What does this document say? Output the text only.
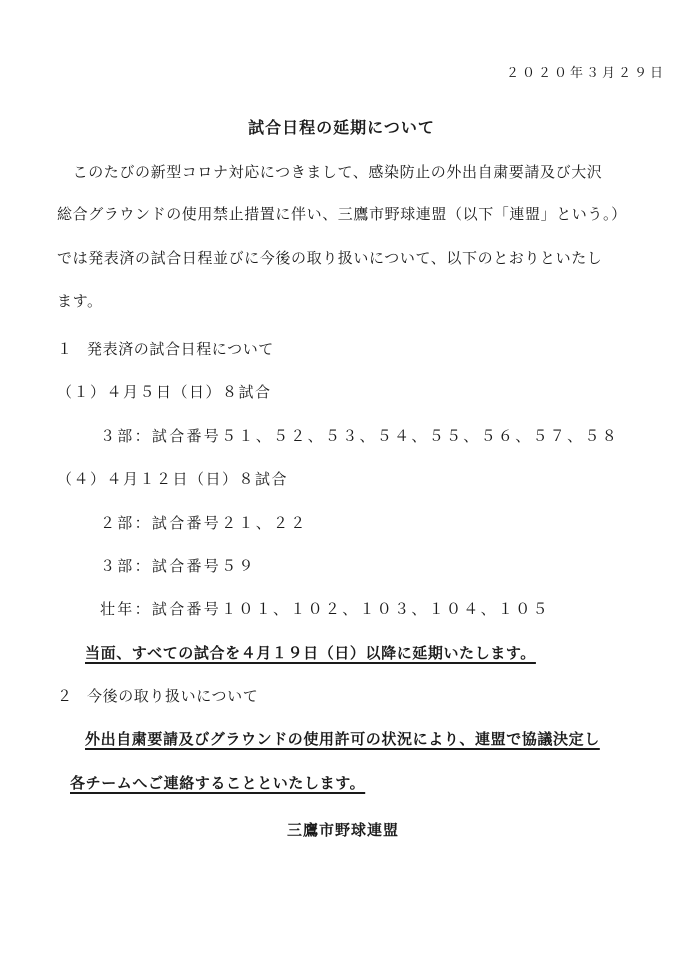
２０２０年３月２９日
試合日程の延期について
　このたびの新型コロナ対応につきまして、感染防止の外出自粛要請及び大沢
総合グラウンドの使用禁止措置に伴い、三鷹市野球連盟（以下「連盟」という。）
では発表済の試合日程並びに今後の取り扱いについて、以下のとおりといたし
ます。
１ 発表済の試合日程について
（１）４月５日（日）８試合
３部：試合番号５１、５２、５３、５４、５５、５６、５７、５８
（４）４月１２日（日）８試合
２部：試合番号２１、２２
３部：試合番号５９
壮年：試合番号１０１、１０２、１０３、１０４、１０５
当面、すべての試合を４月１９日（日）以降に延期いたします。
２ 今後の取り扱いについて
外出自粛要請及びグラウンドの使用許可の状況により、連盟で協議決定し
各チームへご連絡することといたします。
三鷹市野球連盟
